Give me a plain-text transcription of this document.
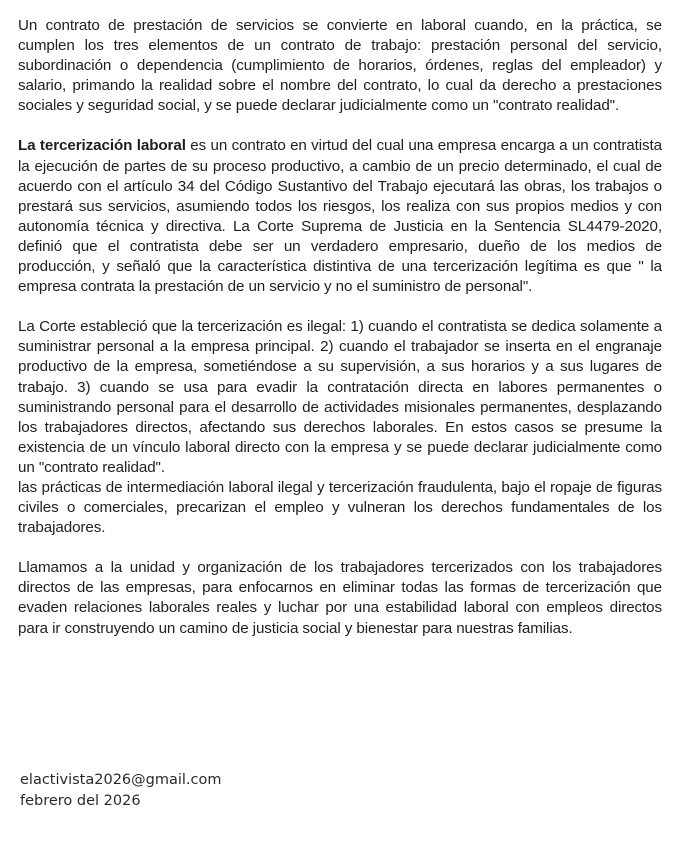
Un contrato de prestación de servicios se convierte en laboral cuando, en la práctica, se cumplen los tres elementos de un contrato de trabajo: prestación personal del servicio, subordinación o dependencia (cumplimiento de horarios, órdenes, reglas del empleador) y salario, primando la realidad sobre el nombre del contrato, lo cual da derecho a prestaciones sociales y seguridad social, y se puede declarar judicialmente como un "contrato realidad".

La tercerización laboral es un contrato en virtud del cual una empresa encarga a un contratista la ejecución de partes de su proceso productivo, a cambio de un precio determinado, el cual de acuerdo con el artículo 34 del Código Sustantivo del Trabajo ejecutará las obras, los trabajos o prestará sus servicios, asumiendo todos los riesgos, los realiza con sus propios medios y con autonomía técnica y directiva. La Corte Suprema de Justicia en la Sentencia SL4479-2020, definió que el contratista debe ser un verdadero empresario, dueño de los medios de producción, y señaló que la característica distintiva de una tercerización legítima es que " la empresa contrata la prestación de un servicio y no el suministro de personal".

La Corte estableció que la tercerización es ilegal: 1) cuando el contratista se dedica solamente a suministrar personal a la empresa principal. 2) cuando el trabajador se inserta en el engranaje productivo de la empresa, sometiéndose a su supervisión, a sus horarios y a sus lugares de trabajo. 3) cuando se usa para evadir la contratación directa en labores permanentes o suministrando personal para el desarrollo de actividades misionales permanentes, desplazando los trabajadores directos, afectando sus derechos laborales. En estos casos se presume la existencia de un vínculo laboral directo con la empresa y se puede declarar judicialmente como un "contrato realidad".

las prácticas de intermediación laboral ilegal y tercerización fraudulenta, bajo el ropaje de figuras civiles o comerciales, precarizan el empleo y vulneran los derechos fundamentales de los trabajadores.

Llamamos a la unidad y organización de los trabajadores tercerizados con los trabajadores directos de las empresas, para enfocarnos en eliminar todas las formas de tercerización que evaden relaciones laborales reales y luchar por una estabilidad laboral con empleos directos para ir construyendo un camino de justicia social y bienestar para nuestras familias.

elactivista2026@gmail.com
febrero del 2026
